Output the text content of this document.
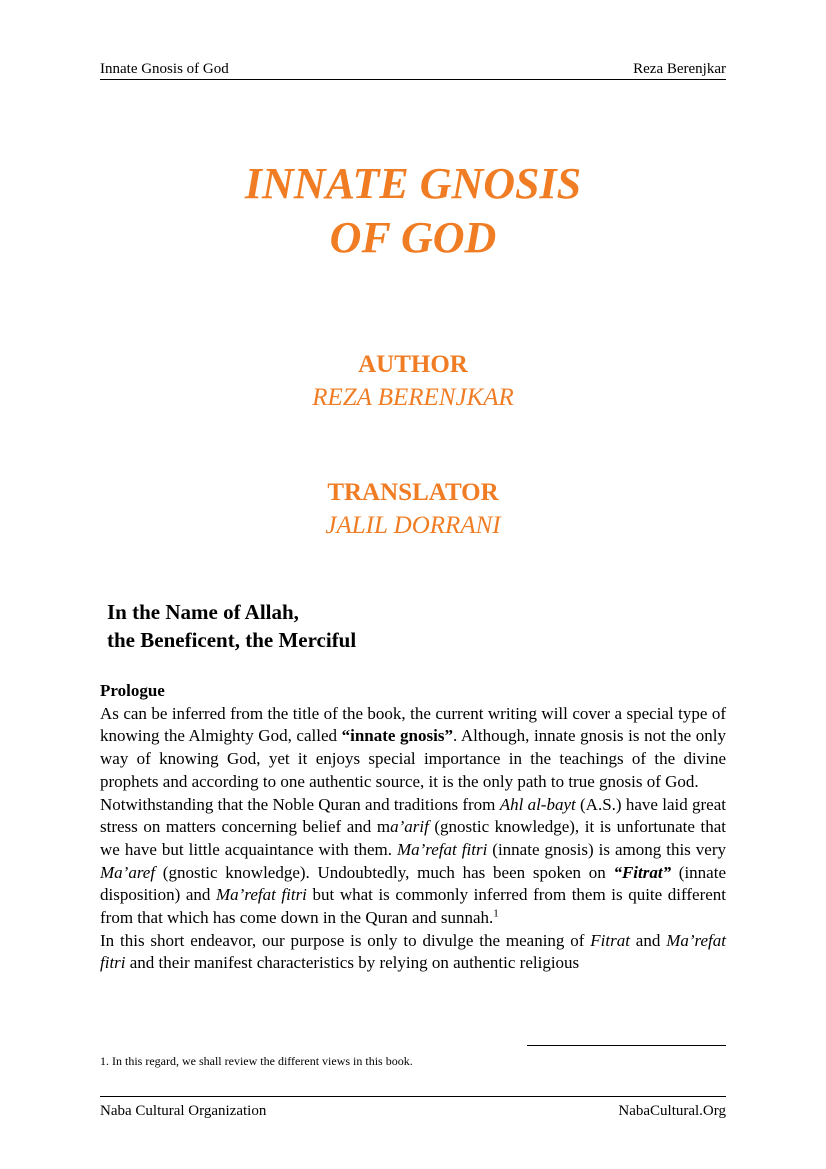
Innate Gnosis of God	Reza Berenjkar
INNATE GNOSIS
OF GOD
AUTHOR
REZA BERENJKAR
TRANSLATOR
JALIL DORRANI
In the Name of Allah,
the Beneficent, the Merciful

Prologue

As can be inferred from the title of the book, the current writing will cover a special type of knowing the Almighty God, called “innate gnosis”. Although, innate gnosis is not the only way of knowing God, yet it enjoys special importance in the teachings of the divine prophets and according to one authentic source, it is the only path to true gnosis of God.

Notwithstanding that the Noble Quran and traditions from Ahl al-bayt (A.S.) have laid great stress on matters concerning belief and ma’arif (gnostic knowledge), it is unfortunate that we have but little acquaintance with them. Ma’refat fitri (innate gnosis) is among this very Ma’aref (gnostic knowledge). Undoubtedly, much has been spoken on “Fitrat” (innate disposition) and Ma’refat fitri but what is commonly inferred from them is quite different from that which has come down in the Quran and sunnah.$^1$

In this short endeavor, our purpose is only to divulge the meaning of Fitrat and Ma’refat fitri and their manifest characteristics by relying on authentic religious

1. In this regard, we shall review the different views in this book.
Naba Cultural Organization	NabaCultural.Org
